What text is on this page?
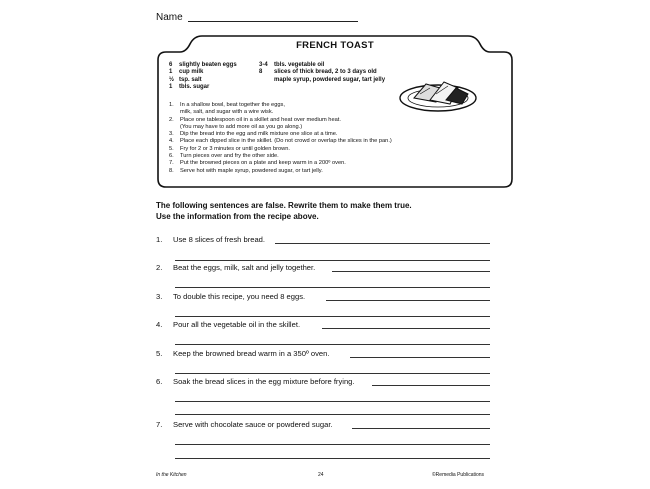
Name
FRENCH TOAST
6 slightly beaten eggs
1 cup milk
½ tsp. salt
1 tbls. sugar
3-4 tbls. vegetable oil
8 slices of thick bread, 2 to 3 days old
maple syrup, powdered sugar, tart jelly
1. In a shallow bowl, beat together the eggs,
milk, salt, and sugar with a wire wisk.
2. Place one tablespoon oil in a skillet and heat over medium heat.
(You may have to add more oil as you go along.)
3. Dip the bread into the egg and milk mixture one slice at a time.
4. Place each dipped slice in the skillet. (Do not crowd or overlap the slices in the pan.)
5. Fry for 2 or 3 minutes or until golden brown.
6. Turn pieces over and fry the other side.
7. Put the browned pieces on a plate and keep warm in a 200º oven.
8. Serve hot with maple syrup, powdered sugar, or tart jelly.
The following sentences are false. Rewrite them to make them true.
Use the information from the recipe above.
1. Use 8 slices of fresh bread.
2. Beat the eggs, milk, salt and jelly together.
3. To double this recipe, you need 8 eggs.
4. Pour all the vegetable oil in the skillet.
5. Keep the browned bread warm in a 350º oven.
6. Soak the bread slices in the egg mixture before frying.
7. Serve with chocolate sauce or powdered sugar.
In the Kitchen	24	©Remedia Publications
